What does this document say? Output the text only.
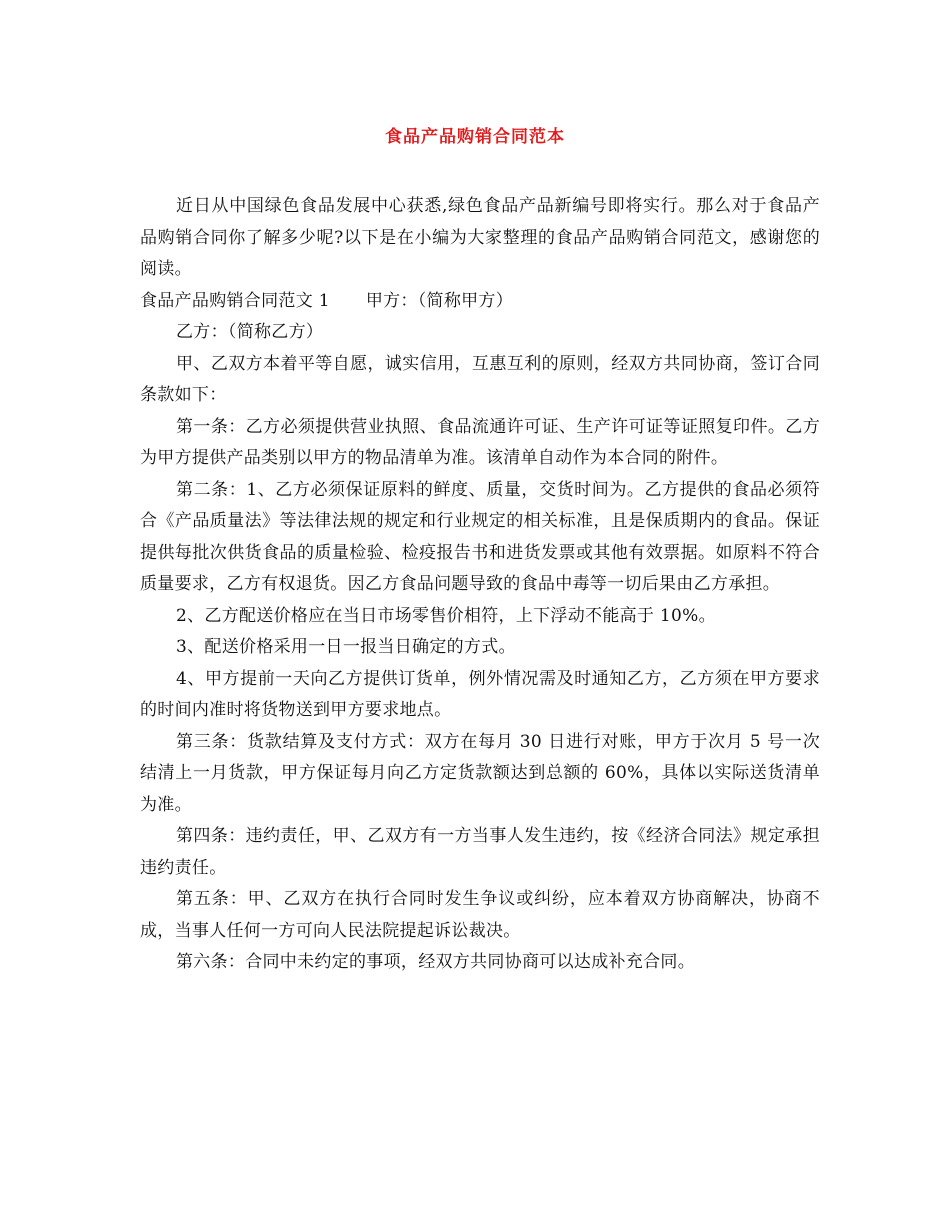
食品产品购销合同范本

近日从中国绿色食品发展中心获悉,绿色食品产品新编号即将实行。那么对于食品产品购销合同你了解多少呢?以下是在小编为大家整理的食品产品购销合同范文，感谢您的阅读。

食品产品购销合同范文 1 甲方：（简称甲方）

乙方：（简称乙方）

甲、乙双方本着平等自愿，诚实信用，互惠互利的原则，经双方共同协商，签订合同条款如下：

第一条：乙方必须提供营业执照、食品流通许可证、生产许可证等证照复印件。乙方为甲方提供产品类别以甲方的物品清单为准。该清单自动作为本合同的附件。

第二条：1、乙方必须保证原料的鲜度、质量，交货时间为。乙方提供的食品必须符合《产品质量法》等法律法规的规定和行业规定的相关标准，且是保质期内的食品。保证提供每批次供货食品的质量检验、检疫报告书和进货发票或其他有效票据。如原料不符合质量要求，乙方有权退货。因乙方食品问题导致的食品中毒等一切后果由乙方承担。

2、乙方配送价格应在当日市场零售价相符，上下浮动不能高于 10%。

3、配送价格采用一日一报当日确定的方式。

4、甲方提前一天向乙方提供订货单，例外情况需及时通知乙方，乙方须在甲方要求的时间内准时将货物送到甲方要求地点。

第三条：货款结算及支付方式：双方在每月 30 日进行对账，甲方于次月 5 号一次结清上一月货款，甲方保证每月向乙方定货款额达到总额的 60%，具体以实际送货清单为准。

第四条：违约责任，甲、乙双方有一方当事人发生违约，按《经济合同法》规定承担违约责任。

第五条：甲、乙双方在执行合同时发生争议或纠纷，应本着双方协商解决，协商不成，当事人任何一方可向人民法院提起诉讼裁决。

第六条：合同中未约定的事项，经双方共同协商可以达成补充合同。
